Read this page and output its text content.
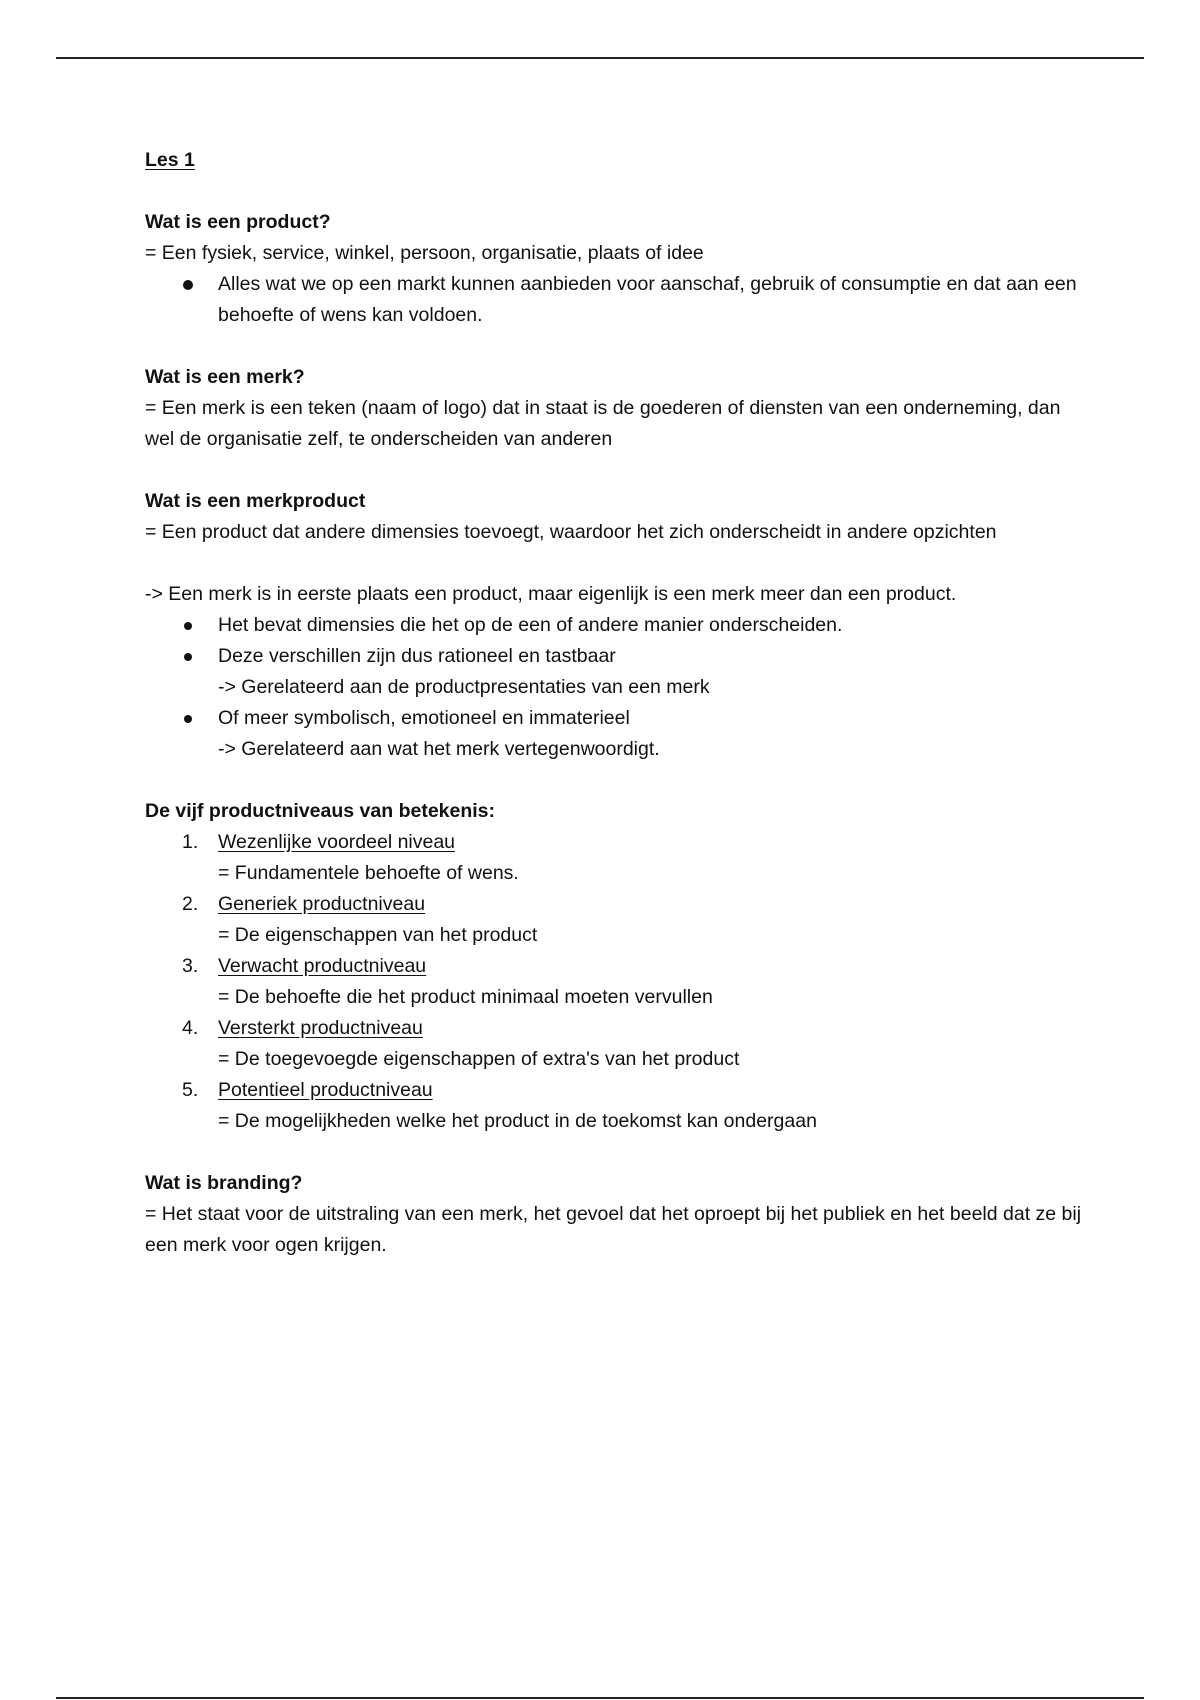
Les 1

Wat is een product?

= Een fysiek, service, winkel, persoon, organisatie, plaats of idee

Alles wat we op een markt kunnen aanbieden voor aanschaf, gebruik of consumptie en dat aan een behoefte of wens kan voldoen.

Wat is een merk?

= Een merk is een teken (naam of logo) dat in staat is de goederen of diensten van een onderneming, dan wel de organisatie zelf, te onderscheiden van anderen

Wat is een merkproduct

= Een product dat andere dimensies toevoegt, waardoor het zich onderscheidt in andere opzichten

-> Een merk is in eerste plaats een product, maar eigenlijk is een merk meer dan een product.

Het bevat dimensies die het op de een of andere manier onderscheiden.

Deze verschillen zijn dus rationeel en tastbaar

-> Gerelateerd aan de productpresentaties van een merk

Of meer symbolisch, emotioneel en immaterieel

-> Gerelateerd aan wat het merk vertegenwoordigt.

De vijf productniveaus van betekenis:

1.	Wezenlijke voordeel niveau

= Fundamentele behoefte of wens.

2.	Generiek productniveau

= De eigenschappen van het product

3.	Verwacht productniveau

= De behoefte die het product minimaal moeten vervullen

4.	Versterkt productniveau

= De toegevoegde eigenschappen of extra's van het product

5.	Potentieel productniveau

= De mogelijkheden welke het product in de toekomst kan ondergaan

Wat is branding?

= Het staat voor de uitstraling van een merk, het gevoel dat het oproept bij het publiek en het beeld dat ze bij een merk voor ogen krijgen.
